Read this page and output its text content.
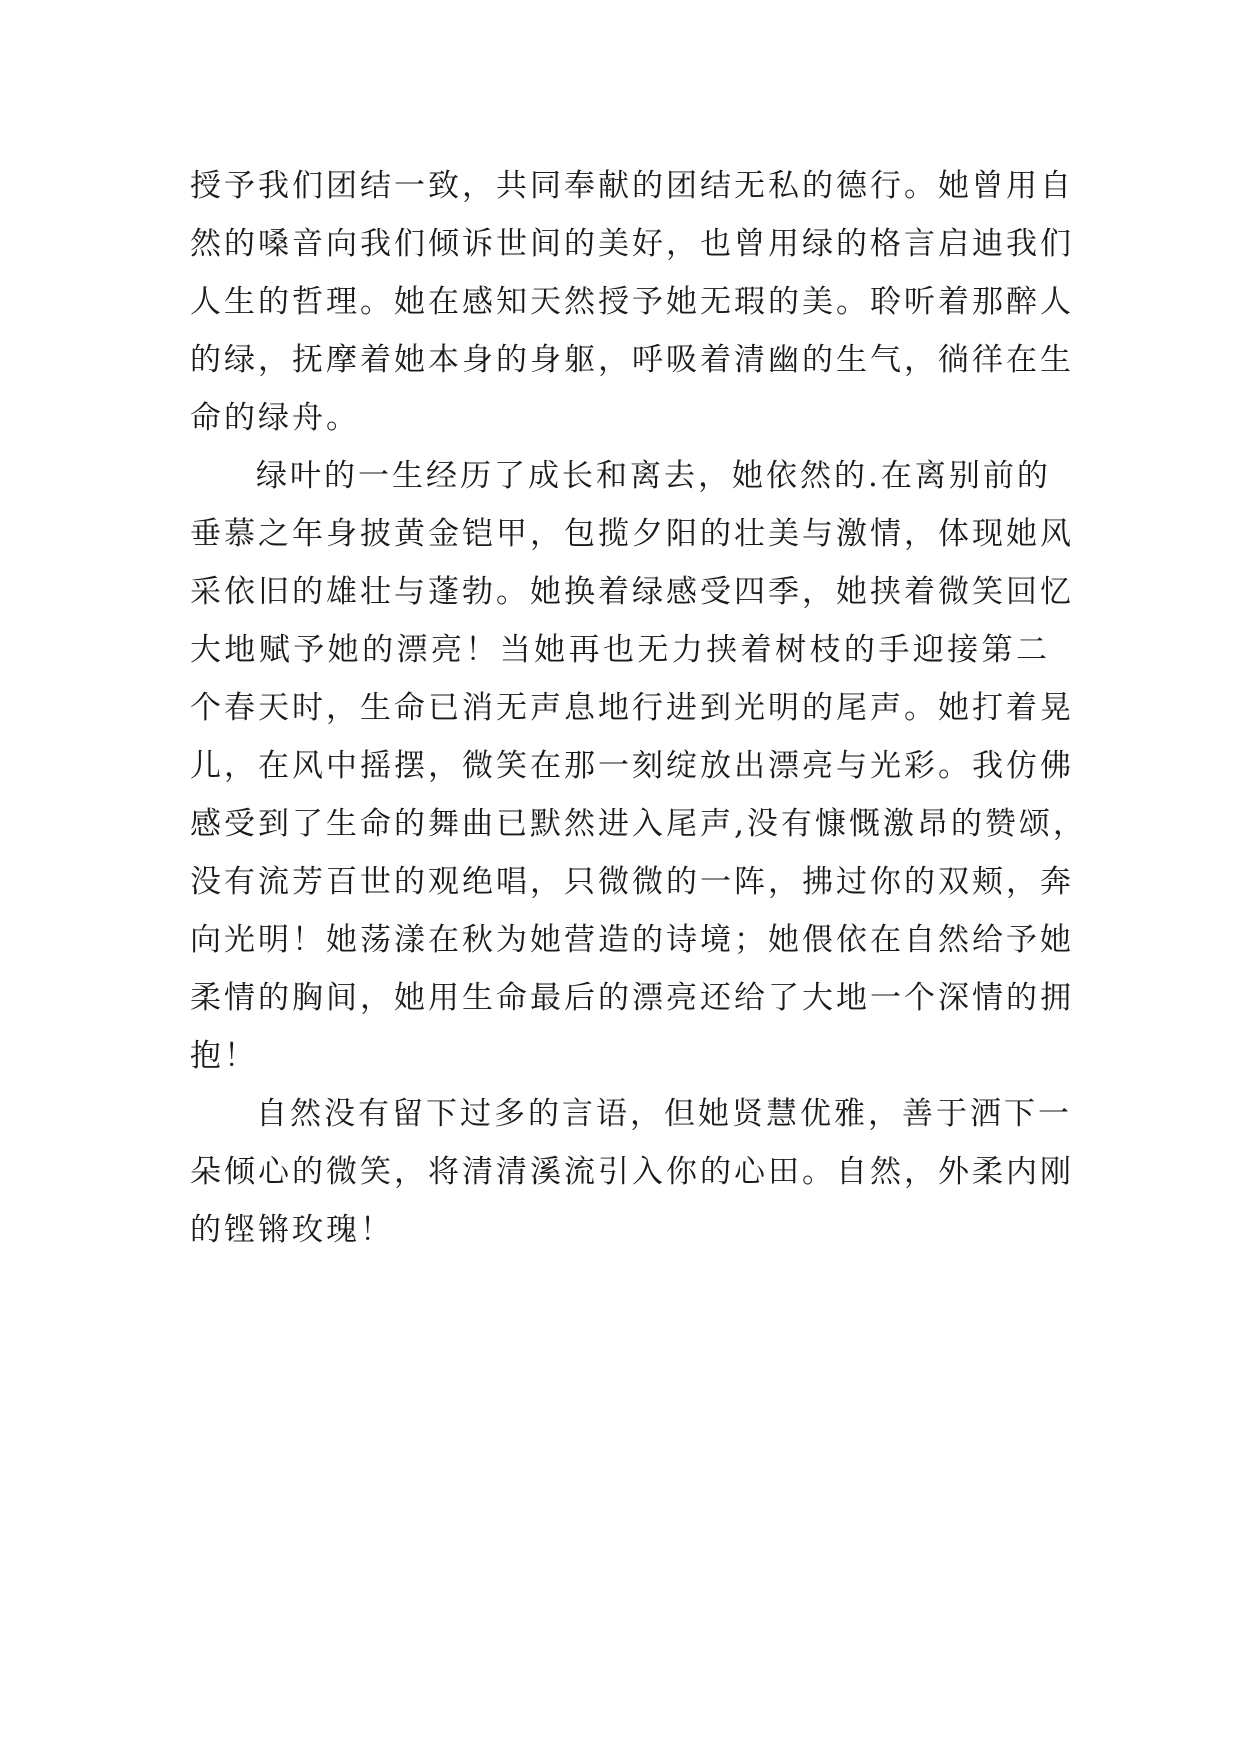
授予我们团结一致，共同奉献的团结无私的德行。她曾用自
然的嗓音向我们倾诉世间的美好，也曾用绿的格言启迪我们
人生的哲理。她在感知天然授予她无瑕的美。聆听着那醉人
的绿，抚摩着她本身的身躯，呼吸着清幽的生气，徜徉在生
命的绿舟。
绿叶的一生经历了成长和离去，她依然的.在离别前的
垂慕之年身披黄金铠甲，包揽夕阳的壮美与激情，体现她风
采依旧的雄壮与蓬勃。她换着绿感受四季，她挟着微笑回忆
大地赋予她的漂亮！当她再也无力挟着树枝的手迎接第二
个春天时，生命已消无声息地行进到光明的尾声。她打着晃
儿，在风中摇摆，微笑在那一刻绽放出漂亮与光彩。我仿佛
感受到了生命的舞曲已默然进入尾声,没有慷慨激昂的赞颂，
没有流芳百世的观绝唱，只微微的一阵，拂过你的双颊，奔
向光明！她荡漾在秋为她营造的诗境；她偎依在自然给予她
柔情的胸间，她用生命最后的漂亮还给了大地一个深情的拥
抱！
自然没有留下过多的言语，但她贤慧优雅，善于洒下一
朵倾心的微笑，将清清溪流引入你的心田。自然，外柔内刚
的铿锵玫瑰！
